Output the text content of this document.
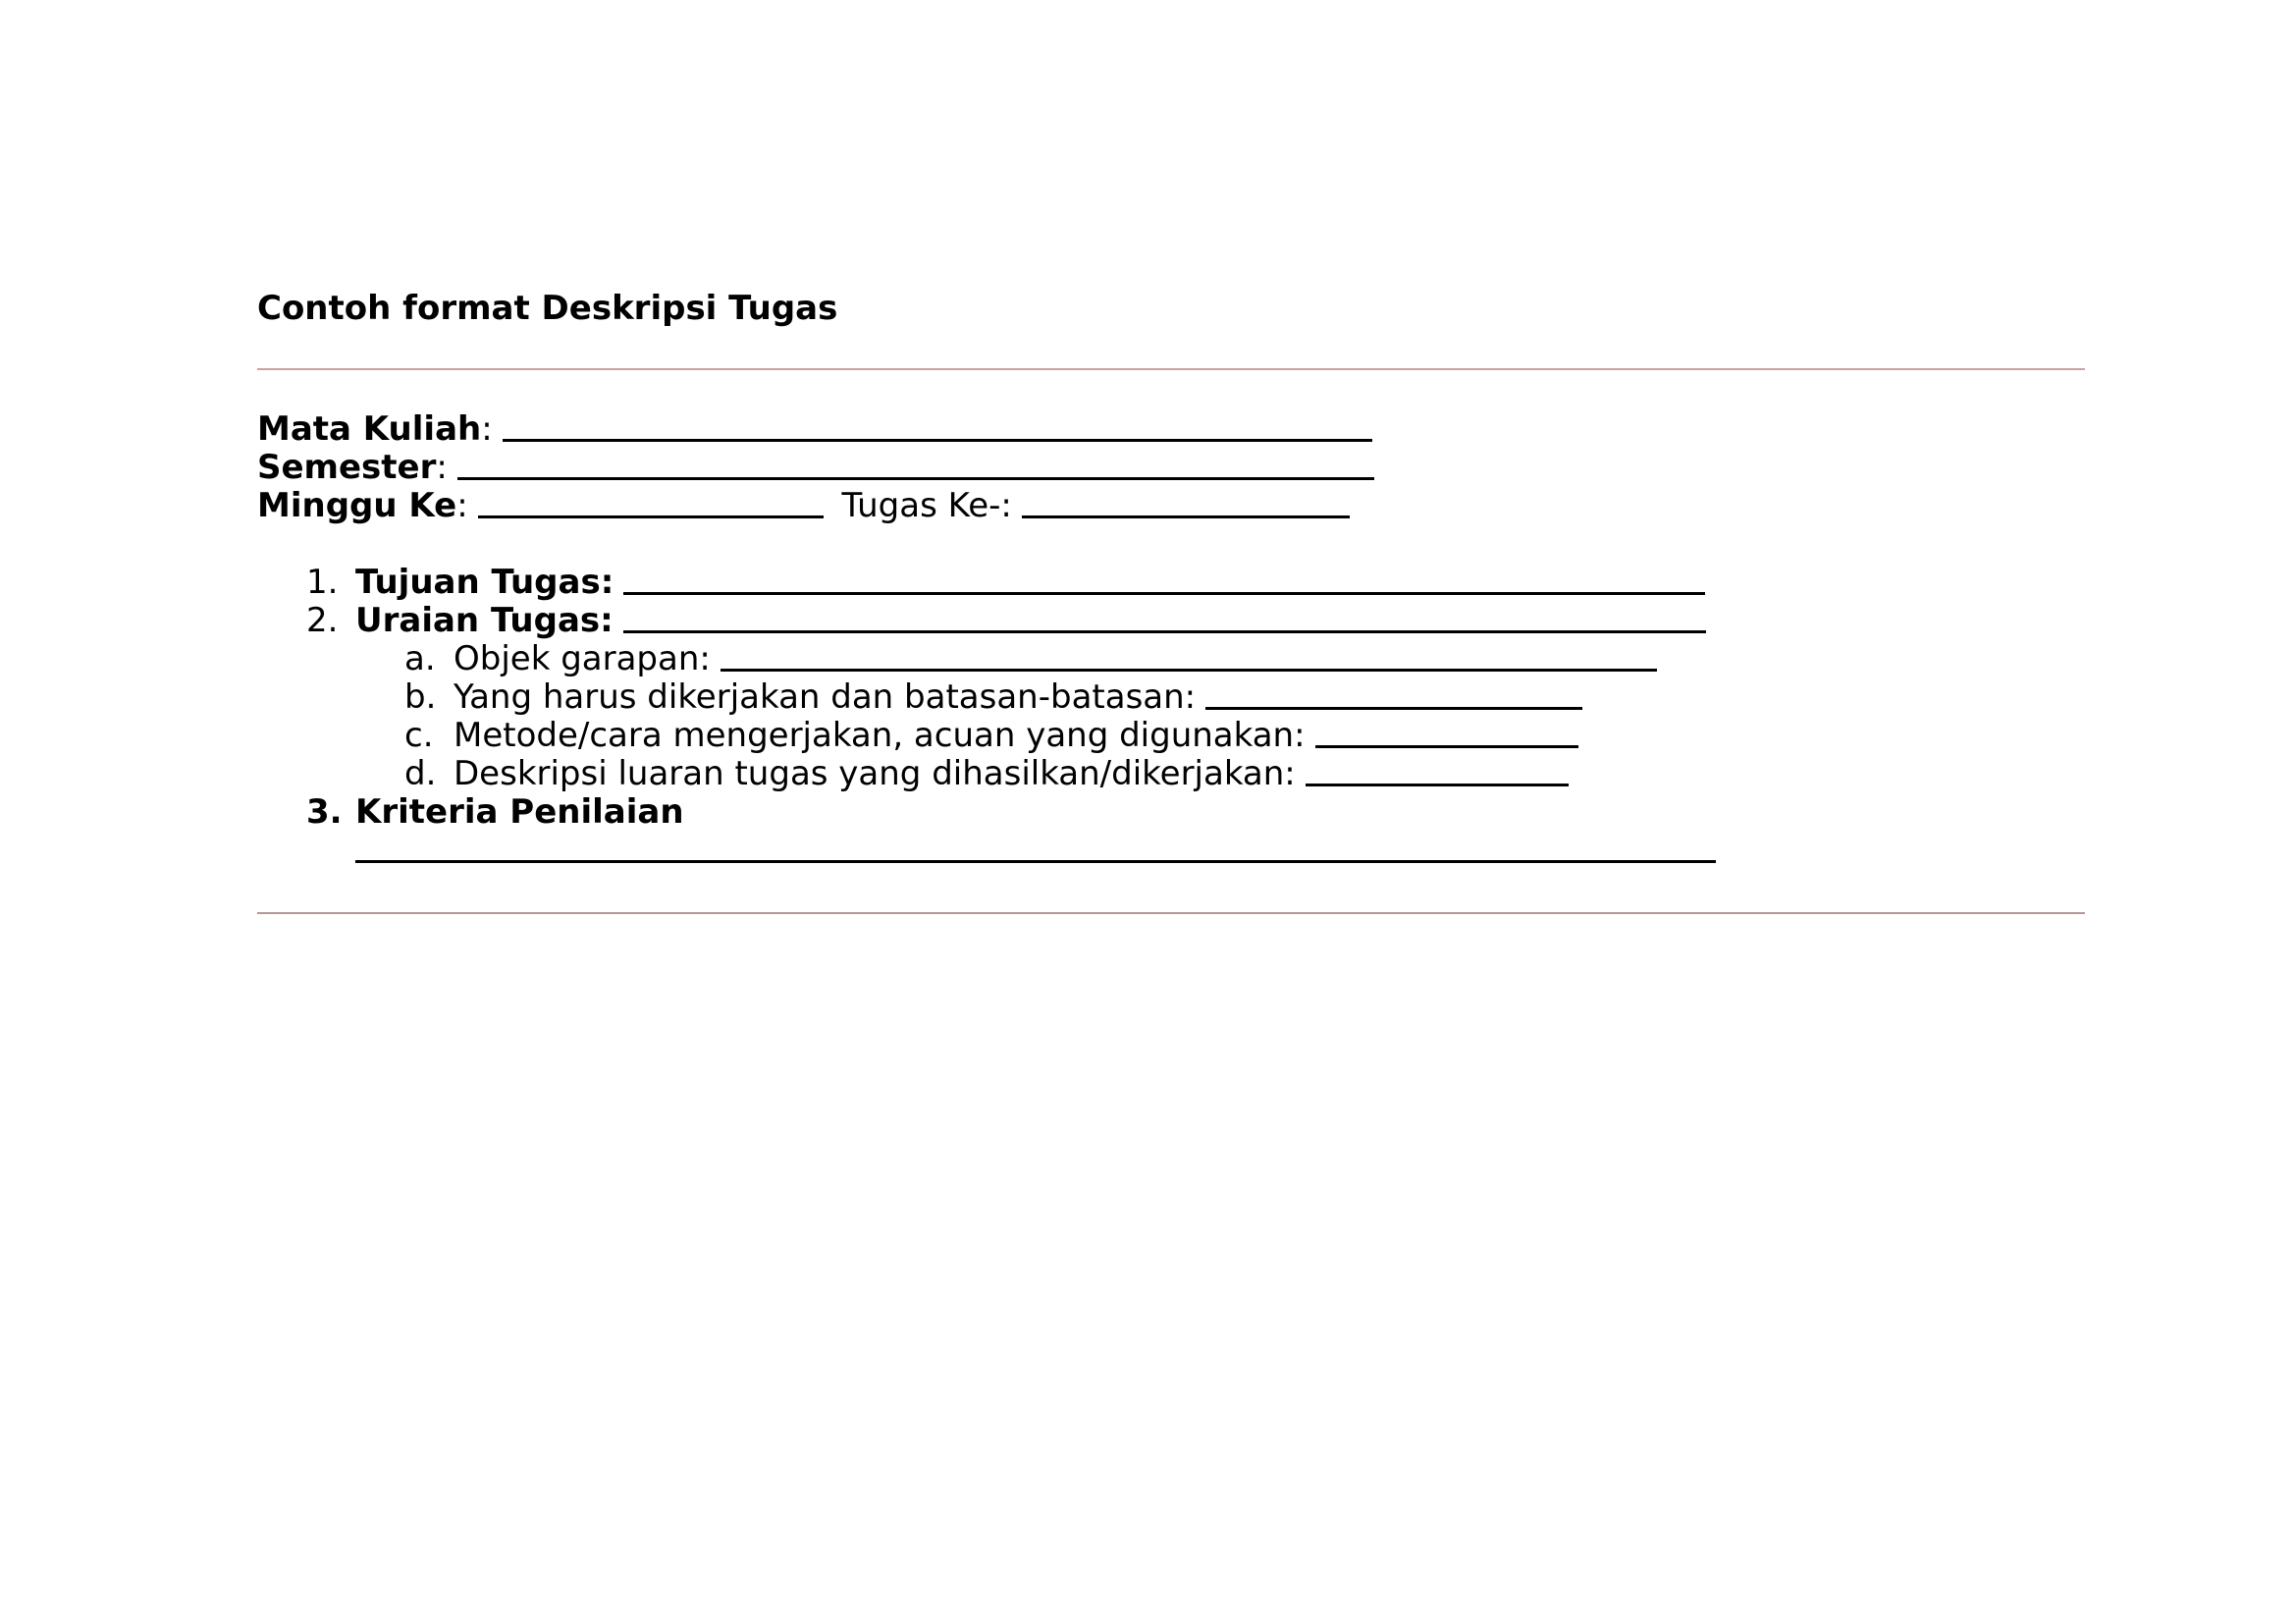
Contoh format Deskripsi Tugas
Mata Kuliah:
Semester:
Minggu Ke:	Tugas Ke-:
1. Tujuan Tugas:
2. Uraian Tugas:
a. Objek garapan:
b. Yang harus dikerjakan dan batasan-batasan:
c. Metode/cara mengerjakan, acuan yang digunakan:
d. Deskripsi luaran tugas yang dihasilkan/dikerjakan:
3. Kriteria Penilaian
